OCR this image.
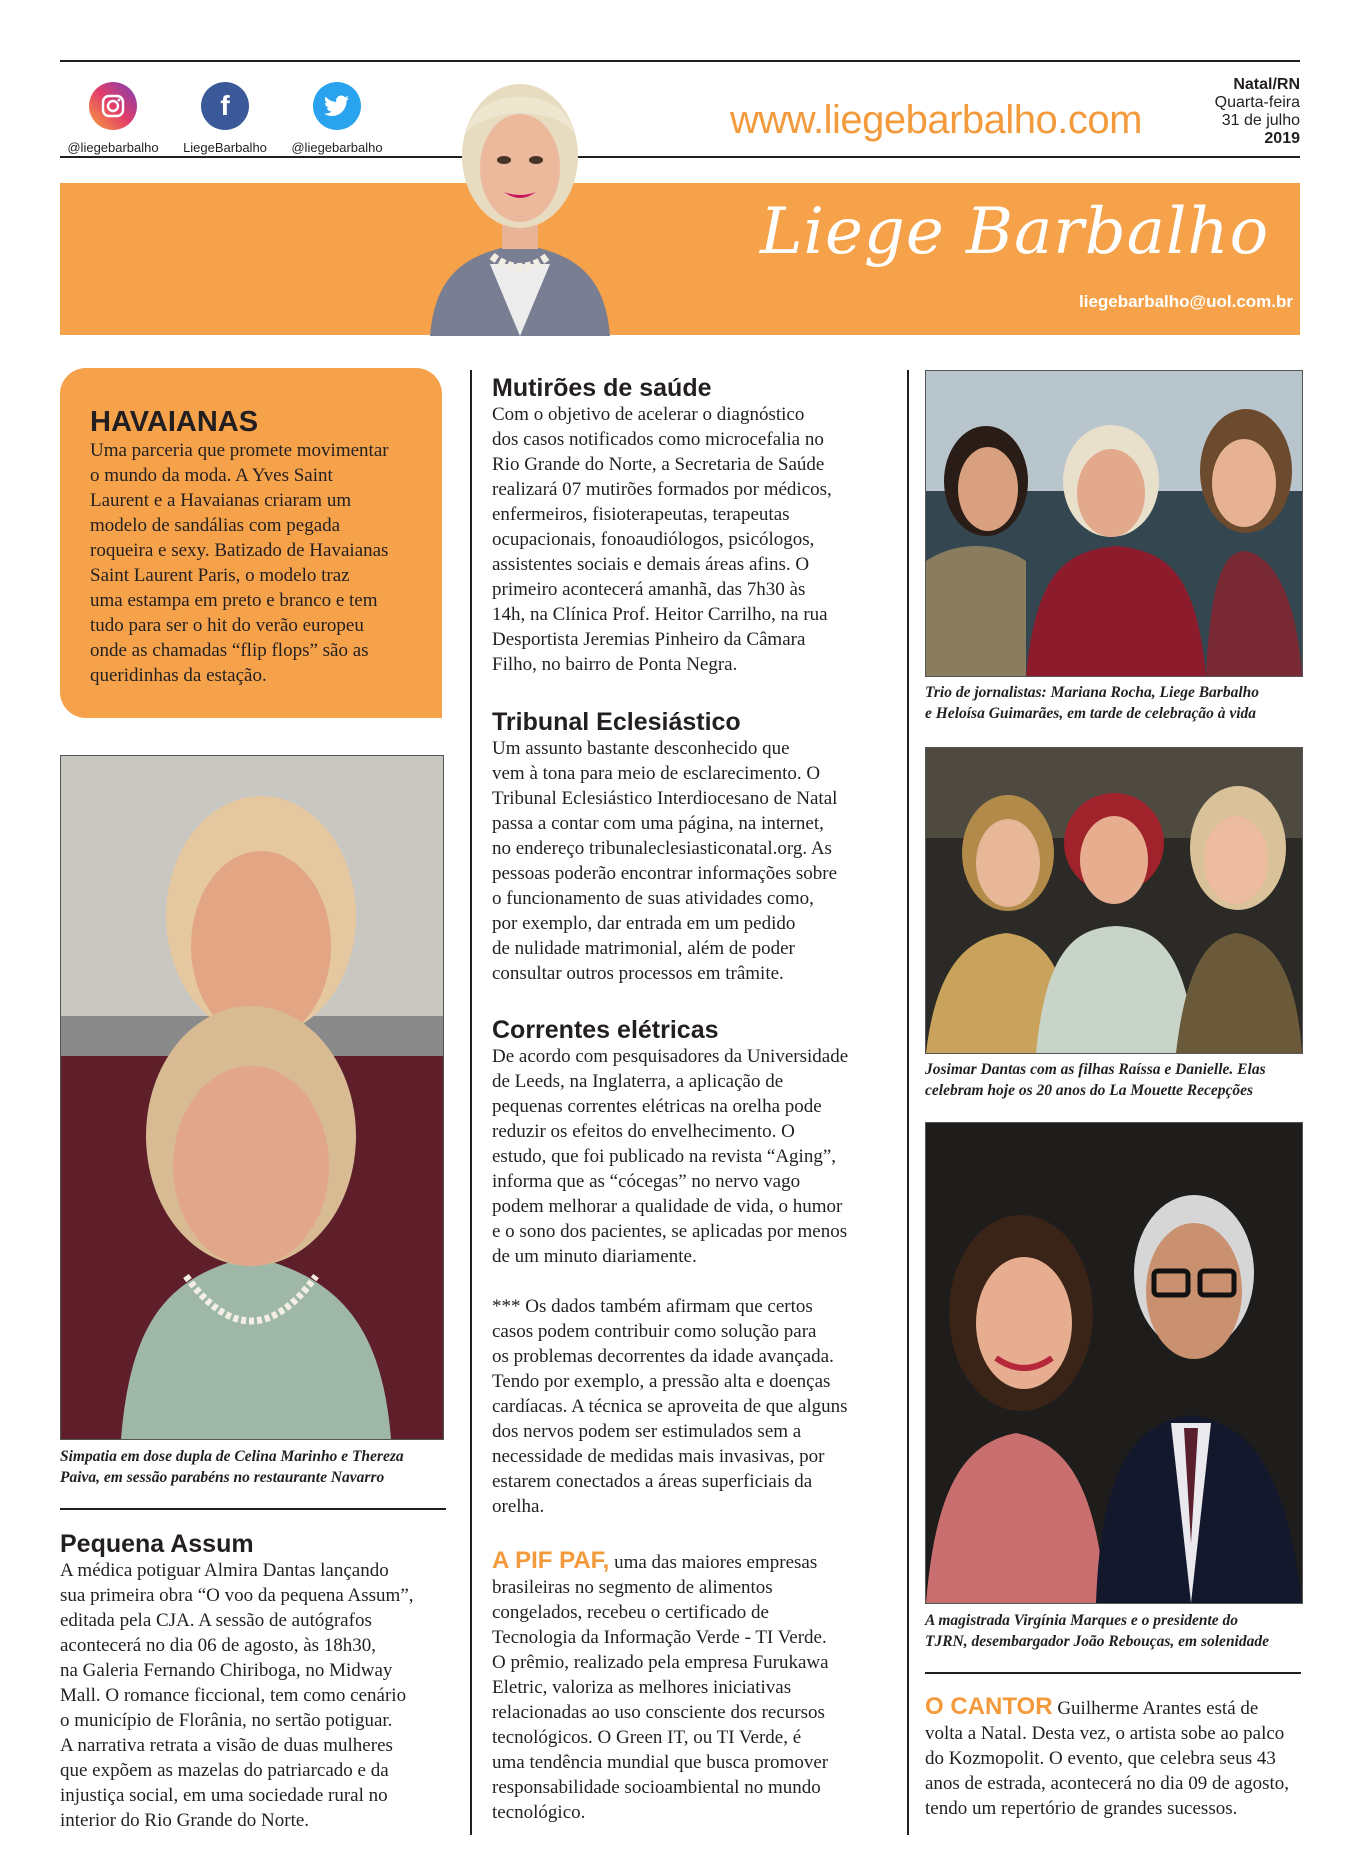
@liegebarbalho
f
LiegeBarbalho	@liegebarbalho
www.liegebarbalho.com
Natal/RN
Quarta-feira
31 de julho
2019
Liege Barbalho
liegebarbalho@uol.com.br
HAVAIANAS

Uma parceria que promete movimentar
o mundo da moda. A Yves Saint
Laurent e a Havaianas criaram um
modelo de sandálias com pegada
roqueira e sexy. Batizado de Havaianas
Saint Laurent Paris, o modelo traz
uma estampa em preto e branco e tem
tudo para ser o hit do verão europeu
onde as chamadas “flip flops” são as
queridinhas da estação.

Simpatia em dose dupla de Celina Marinho e Thereza
Paiva, em sessão parabéns no restaurante Navarro

Pequena Assum

A médica potiguar Almira Dantas lançando
sua primeira obra “O voo da pequena Assum”,
editada pela CJA. A sessão de autógrafos
acontecerá no dia 06 de agosto, às 18h30,
na Galeria Fernando Chiriboga, no Midway
Mall. O romance ficcional, tem como cenário
o município de Florânia, no sertão potiguar.
A narrativa retrata a visão de duas mulheres
que expõem as mazelas do patriarcado e da
injustiça social, em uma sociedade rural no
interior do Rio Grande do Norte.

Mutirões de saúde

Com o objetivo de acelerar o diagnóstico
dos casos notificados como microcefalia no
Rio Grande do Norte, a Secretaria de Saúde
realizará 07 mutirões formados por médicos,
enfermeiros, fisioterapeutas, terapeutas
ocupacionais, fonoaudiólogos, psicólogos,
assistentes sociais e demais áreas afins. O
primeiro acontecerá amanhã, das 7h30 às
14h, na Clínica Prof. Heitor Carrilho, na rua
Desportista Jeremias Pinheiro da Câmara
Filho, no bairro de Ponta Negra.

Tribunal Eclesiástico

Um assunto bastante desconhecido que
vem à tona para meio de esclarecimento. O
Tribunal Eclesiástico Interdiocesano de Natal
passa a contar com uma página, na internet,
no endereço tribunaleclesiasticonatal.org. As
pessoas poderão encontrar informações sobre
o funcionamento de suas atividades como,
por exemplo, dar entrada em um pedido
de nulidade matrimonial, além de poder
consultar outros processos em trâmite.

Correntes elétricas

De acordo com pesquisadores da Universidade
de Leeds, na Inglaterra, a aplicação de
pequenas correntes elétricas na orelha pode
reduzir os efeitos do envelhecimento. O
estudo, que foi publicado na revista “Aging”,
informa que as “cócegas” no nervo vago
podem melhorar a qualidade de vida, o humor
e o sono dos pacientes, se aplicadas por menos
de um minuto diariamente.

*** Os dados também afirmam que certos
casos podem contribuir como solução para
os problemas decorrentes da idade avançada.
Tendo por exemplo, a pressão alta e doenças
cardíacas. A técnica se aproveita de que alguns
dos nervos podem ser estimulados sem a
necessidade de medidas mais invasivas, por
estarem conectados a áreas superficiais da
orelha.

A PIF PAF, uma das maiores empresas
brasileiras no segmento de alimentos
congelados, recebeu o certificado de
Tecnologia da Informação Verde - TI Verde.
O prêmio, realizado pela empresa Furukawa
Eletric, valoriza as melhores iniciativas
relacionadas ao uso consciente dos recursos
tecnológicos. O Green IT, ou TI Verde, é
uma tendência mundial que busca promover
responsabilidade socioambiental no mundo
tecnológico.

Trio de jornalistas: Mariana Rocha, Liege Barbalho
e Heloísa Guimarães, em tarde de celebração à vida

Josimar Dantas com as filhas Raíssa e Danielle. Elas
celebram hoje os 20 anos do La Mouette Recepções

A magistrada Virgínia Marques e o presidente do
TJRN, desembargador João Rebouças, em solenidade

O CANTOR Guilherme Arantes está de
volta a Natal. Desta vez, o artista sobe ao palco
do Kozmopolit. O evento, que celebra seus 43
anos de estrada, acontecerá no dia 09 de agosto,
tendo um repertório de grandes sucessos.
